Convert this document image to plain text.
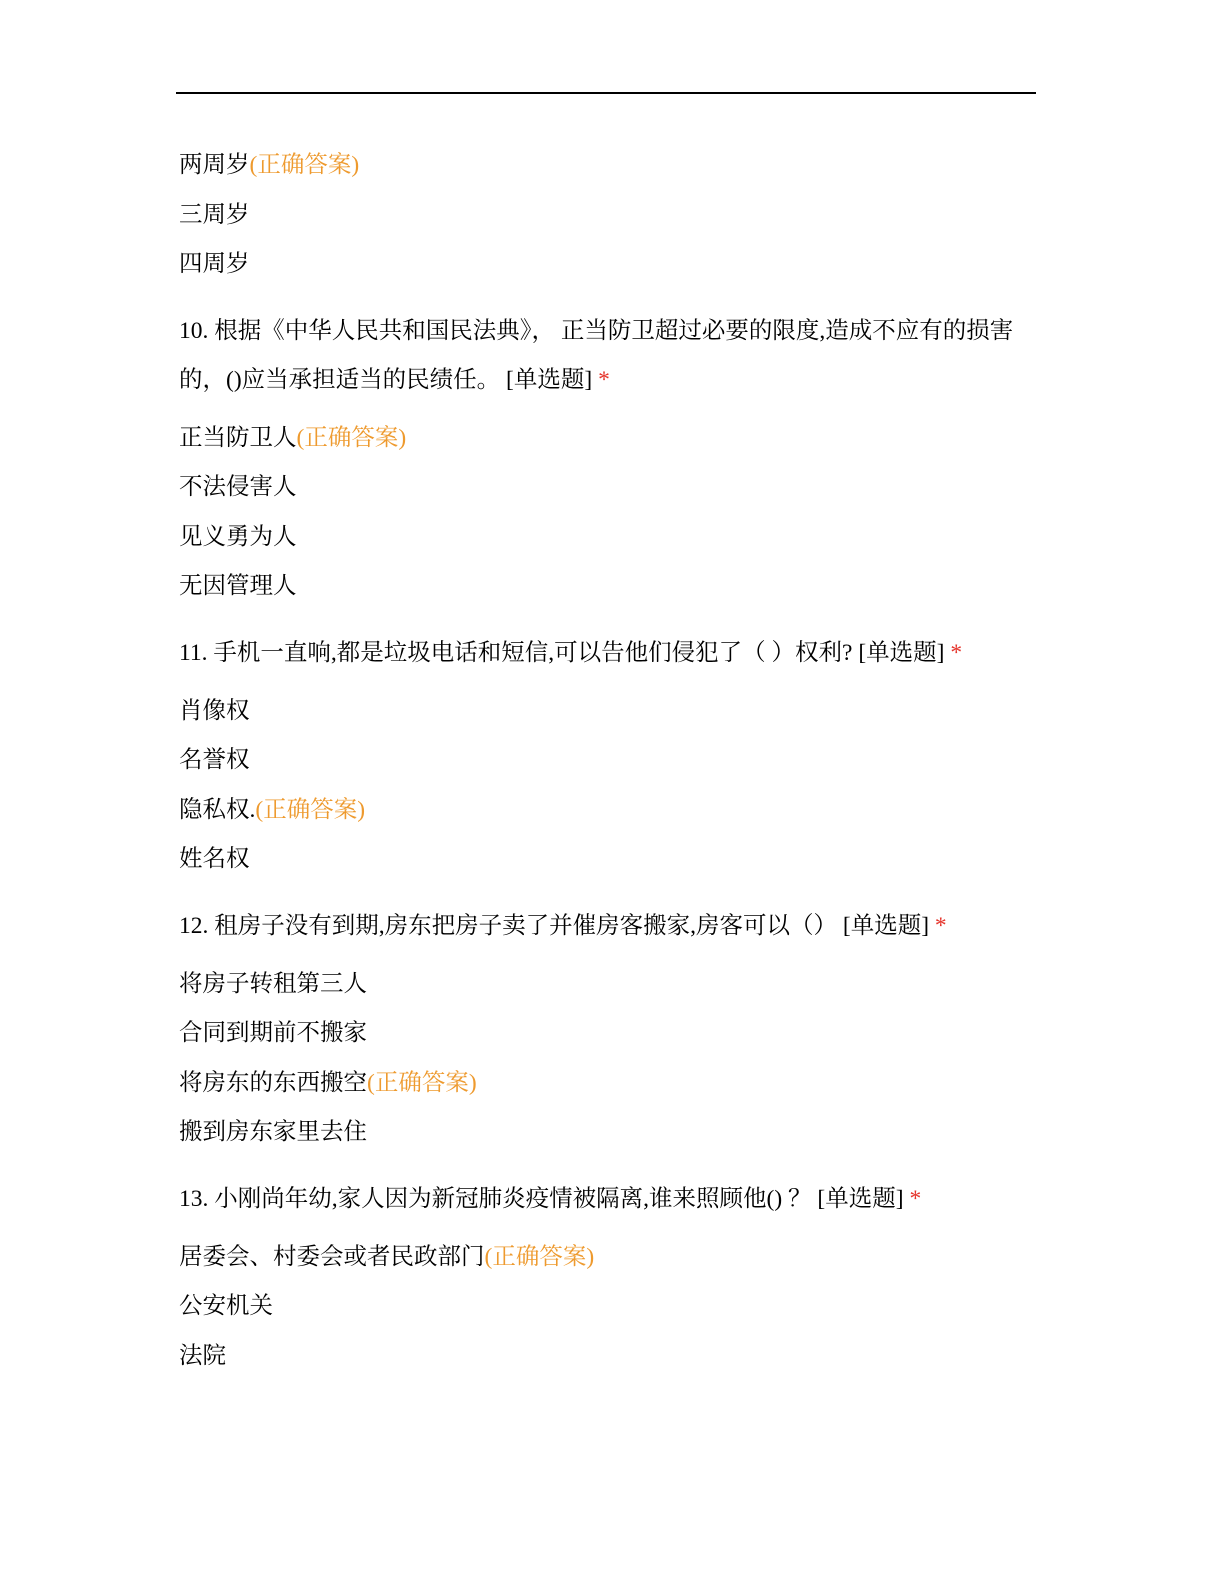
两周岁(正确答案)
三周岁
四周岁
10. 根据《中华人民共和国民法典》， 正当防卫超过必要的限度,造成不应有的损害的，()应当承担适当的民绩任。 [单选题] *
正当防卫人(正确答案)
不法侵害人
见义勇为人
无因管理人
11. 手机一直响,都是垃圾电话和短信,可以告他们侵犯了（ ）权利? [单选题] *
肖像权
名誉权
隐私权.(正确答案)
姓名权
12. 租房子没有到期,房东把房子卖了并催房客搬家,房客可以（） [单选题] *
将房子转租第三人
合同到期前不搬家
将房东的东西搬空(正确答案)
搬到房东家里去住
13. 小刚尚年幼,家人因为新冠肺炎疫情被隔离,谁来照顾他() ？ [单选题] *
居委会、村委会或者民政部门(正确答案)
公安机关
法院
